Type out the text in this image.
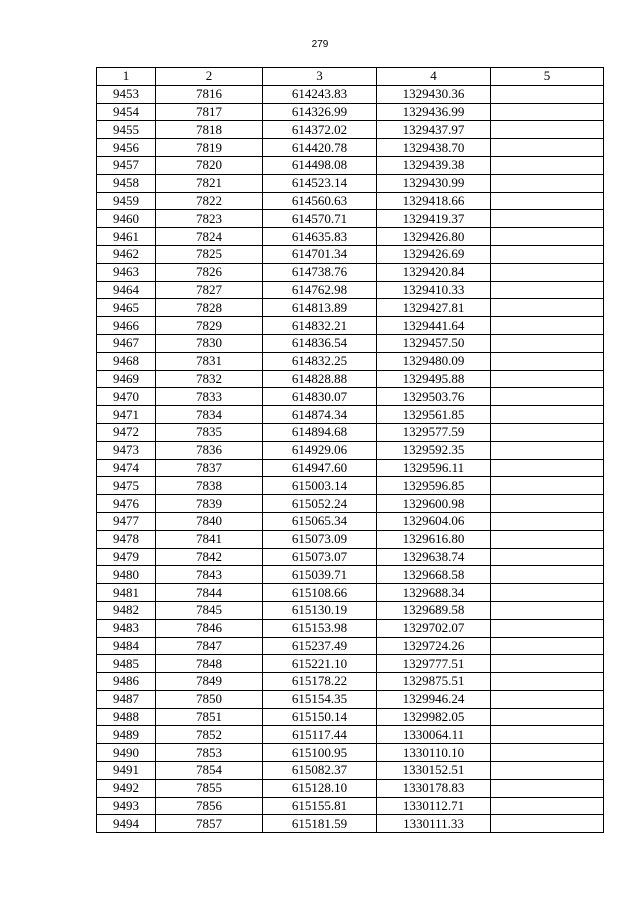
279
1	2	3	4	5
9453	7816	614243.83	1329430.36	
9454	7817	614326.99	1329436.99	
9455	7818	614372.02	1329437.97	
9456	7819	614420.78	1329438.70	
9457	7820	614498.08	1329439.38	
9458	7821	614523.14	1329430.99	
9459	7822	614560.63	1329418.66	
9460	7823	614570.71	1329419.37	
9461	7824	614635.83	1329426.80	
9462	7825	614701.34	1329426.69	
9463	7826	614738.76	1329420.84	
9464	7827	614762.98	1329410.33	
9465	7828	614813.89	1329427.81	
9466	7829	614832.21	1329441.64	
9467	7830	614836.54	1329457.50	
9468	7831	614832.25	1329480.09	
9469	7832	614828.88	1329495.88	
9470	7833	614830.07	1329503.76	
9471	7834	614874.34	1329561.85	
9472	7835	614894.68	1329577.59	
9473	7836	614929.06	1329592.35	
9474	7837	614947.60	1329596.11	
9475	7838	615003.14	1329596.85	
9476	7839	615052.24	1329600.98	
9477	7840	615065.34	1329604.06	
9478	7841	615073.09	1329616.80	
9479	7842	615073.07	1329638.74	
9480	7843	615039.71	1329668.58	
9481	7844	615108.66	1329688.34	
9482	7845	615130.19	1329689.58	
9483	7846	615153.98	1329702.07	
9484	7847	615237.49	1329724.26	
9485	7848	615221.10	1329777.51	
9486	7849	615178.22	1329875.51	
9487	7850	615154.35	1329946.24	
9488	7851	615150.14	1329982.05	
9489	7852	615117.44	1330064.11	
9490	7853	615100.95	1330110.10	
9491	7854	615082.37	1330152.51	
9492	7855	615128.10	1330178.83	
9493	7856	615155.81	1330112.71	
9494	7857	615181.59	1330111.33	
